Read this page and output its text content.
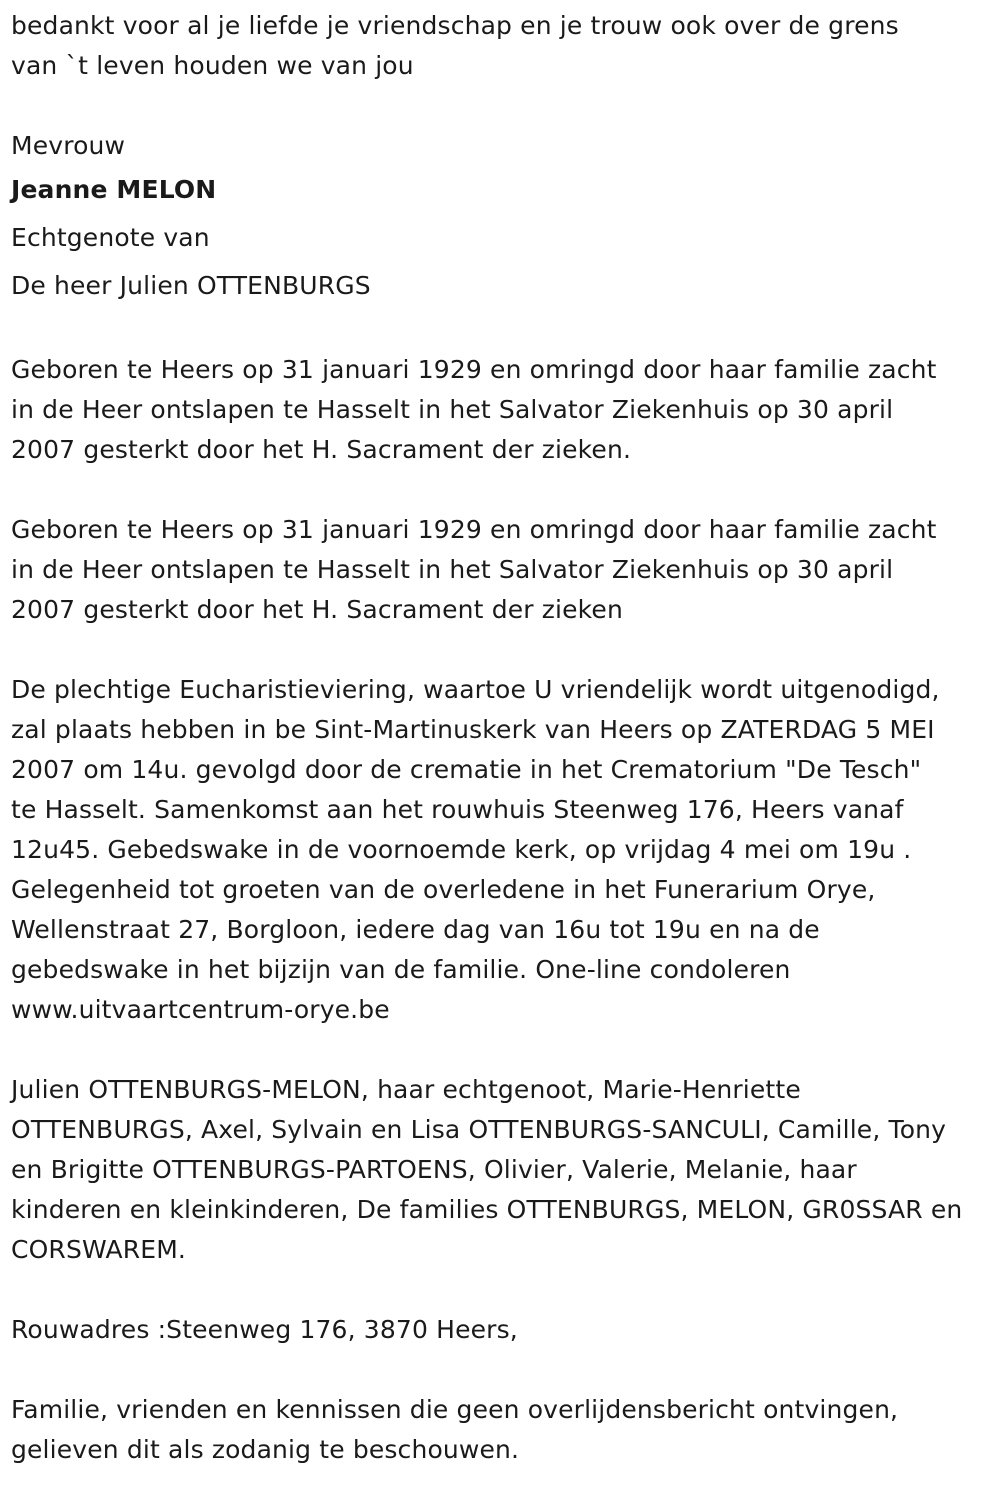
bedankt voor al je liefde je vriendschap en je trouw ook over de grens
van `t leven houden we van jou

Mevrouw
Jeanne MELON
Echtgenote van
De heer Julien OTTENBURGS

Geboren te Heers op 31 januari 1929 en omringd door haar familie zacht
in de Heer ontslapen te Hasselt in het Salvator Ziekenhuis op 30 april
2007 gesterkt door het H. Sacrament der zieken.

Geboren te Heers op 31 januari 1929 en omringd door haar familie zacht
in de Heer ontslapen te Hasselt in het Salvator Ziekenhuis op 30 april
2007 gesterkt door het H. Sacrament der zieken

De plechtige Eucharistieviering, waartoe U vriendelijk wordt uitgenodigd,
zal plaats hebben in be Sint-Martinuskerk van Heers op ZATERDAG 5 MEI
2007 om 14u. gevolgd door de crematie in het Crematorium "De Tesch"
te Hasselt. Samenkomst aan het rouwhuis Steenweg 176, Heers vanaf
12u45. Gebedswake in de voornoemde kerk, op vrijdag 4 mei om 19u .
Gelegenheid tot groeten van de overledene in het Funerarium Orye,
Wellenstraat 27, Borgloon, iedere dag van 16u tot 19u en na de
gebedswake in het bijzijn van de familie. One-line condoleren
www.uitvaartcentrum-orye.be

Julien OTTENBURGS-MELON, haar echtgenoot, Marie-Henriette
OTTENBURGS, Axel, Sylvain en Lisa OTTENBURGS-SANCULI, Camille, Tony
en Brigitte OTTENBURGS-PARTOENS, Olivier, Valerie, Melanie, haar
kinderen en kleinkinderen, De families OTTENBURGS, MELON, GR0SSAR en
CORSWAREM.

Rouwadres :Steenweg 176, 3870 Heers,

Familie, vrienden en kennissen die geen overlijdensbericht ontvingen,
gelieven dit als zodanig te beschouwen.
